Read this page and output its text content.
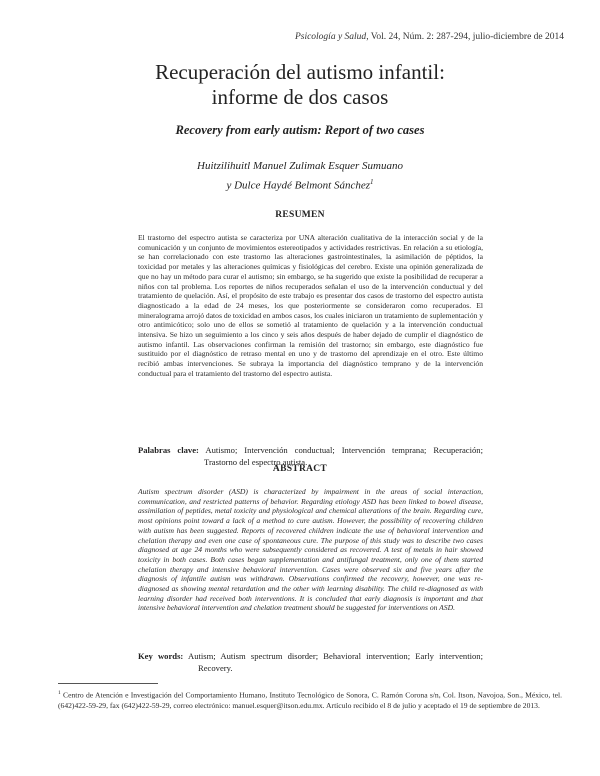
Psicología y Salud, Vol. 24, Núm. 2: 287-294, julio-diciembre de 2014
Recuperación del autismo infantil:
informe de dos casos
Recovery from early autism: Report of two cases
Huitzilihuitl Manuel Zulimak Esquer Sumuano
y Dulce Haydé Belmont Sánchez$^1$
RESUMEN

El trastorno del espectro autista se caracteriza por UNA alteración cualitativa de la interacción social y de la comunicación y un conjunto de movimientos estereotipados y actividades restrictivas. En relación a su etiología, se han correlacionado con este trastorno las alteraciones gastrointestinales, la asimilación de péptidos, la toxicidad por metales y las alteraciones químicas y fisiológicas del cerebro. Existe una opinión generalizada de que no hay un método para curar el autismo; sin embargo, se ha sugerido que existe la posibilidad de recuperar a niños con tal problema. Los reportes de niños recuperados señalan el uso de la intervención conductual y del tratamiento de quelación. Así, el propósito de este trabajo es presentar dos casos de trastorno del espectro autista diagnosticado a la edad de 24 meses, los que posteriormente se consideraron como recuperados. El mineralograma arrojó datos de toxicidad en ambos casos, los cuales iniciaron un tratamiento de suplementación y otro antimicótico; solo uno de ellos se sometió al tratamiento de quelación y a la intervención conductual intensiva. Se hizo un seguimiento a los cinco y seis años después de haber dejado de cumplir el diagnóstico de autismo infantil. Las observaciones confirman la remisión del trastorno; sin embargo, este diagnóstico fue sustituido por el diagnóstico de retraso mental en uno y de trastorno del aprendizaje en el otro. Este último recibió ambas intervenciones. Se subraya la importancia del diagnóstico temprano y de la intervención conductual para el tratamiento del trastorno del espectro autista.

Palabras clave: Autismo; Intervención conductual; Intervención temprana; Recuperación; Trastorno del espectro autista.
ABSTRACT

Autism spectrum disorder (ASD) is characterized by impairment in the areas of social interaction, communication, and restricted patterns of behavior. Regarding etiology ASD has been linked to bowel disease, assimilation of peptides, metal toxicity and physiological and chemical alterations of the brain. Regarding cure, most opinions point toward a lack of a method to cure autism. However, the possibility of recovering children with autism has been suggested. Reports of recovered children indicate the use of behavioral intervention and chelation therapy and even one case of spontaneous cure. The purpose of this study was to describe two cases diagnosed at age 24 months who were subsequently considered as recovered. A test of metals in hair showed toxicity in both cases. Both cases began supplementation and antifungal treatment, only one of them started chelation therapy and intensive behavioral intervention. Cases were observed six and five years after the diagnosis of infantile autism was withdrawn. Observations confirmed the recovery, however, one was re-diagnosed as showing mental retardation and the other with learning disability. The child re-diagnosed as with learning disorder had received both interventions. It is concluded that early diagnosis is important and that intensive behavioral intervention and chelation treatment should be suggested for interventions on ASD.

Key words: Autism; Autism spectrum disorder; Behavioral intervention; Early intervention; Recovery.
$^1$ Centro de Atención e Investigación del Comportamiento Humano, Instituto Tecnológico de Sonora, C. Ramón Corona s/n, Col. Itson, Navojoa, Son., México, tel. (642)422-59-29, fax (642)422-59-29, correo electrónico: manuel.esquer@itson.edu.mx. Artículo recibido el 8 de julio y aceptado el 19 de septiembre de 2013.
